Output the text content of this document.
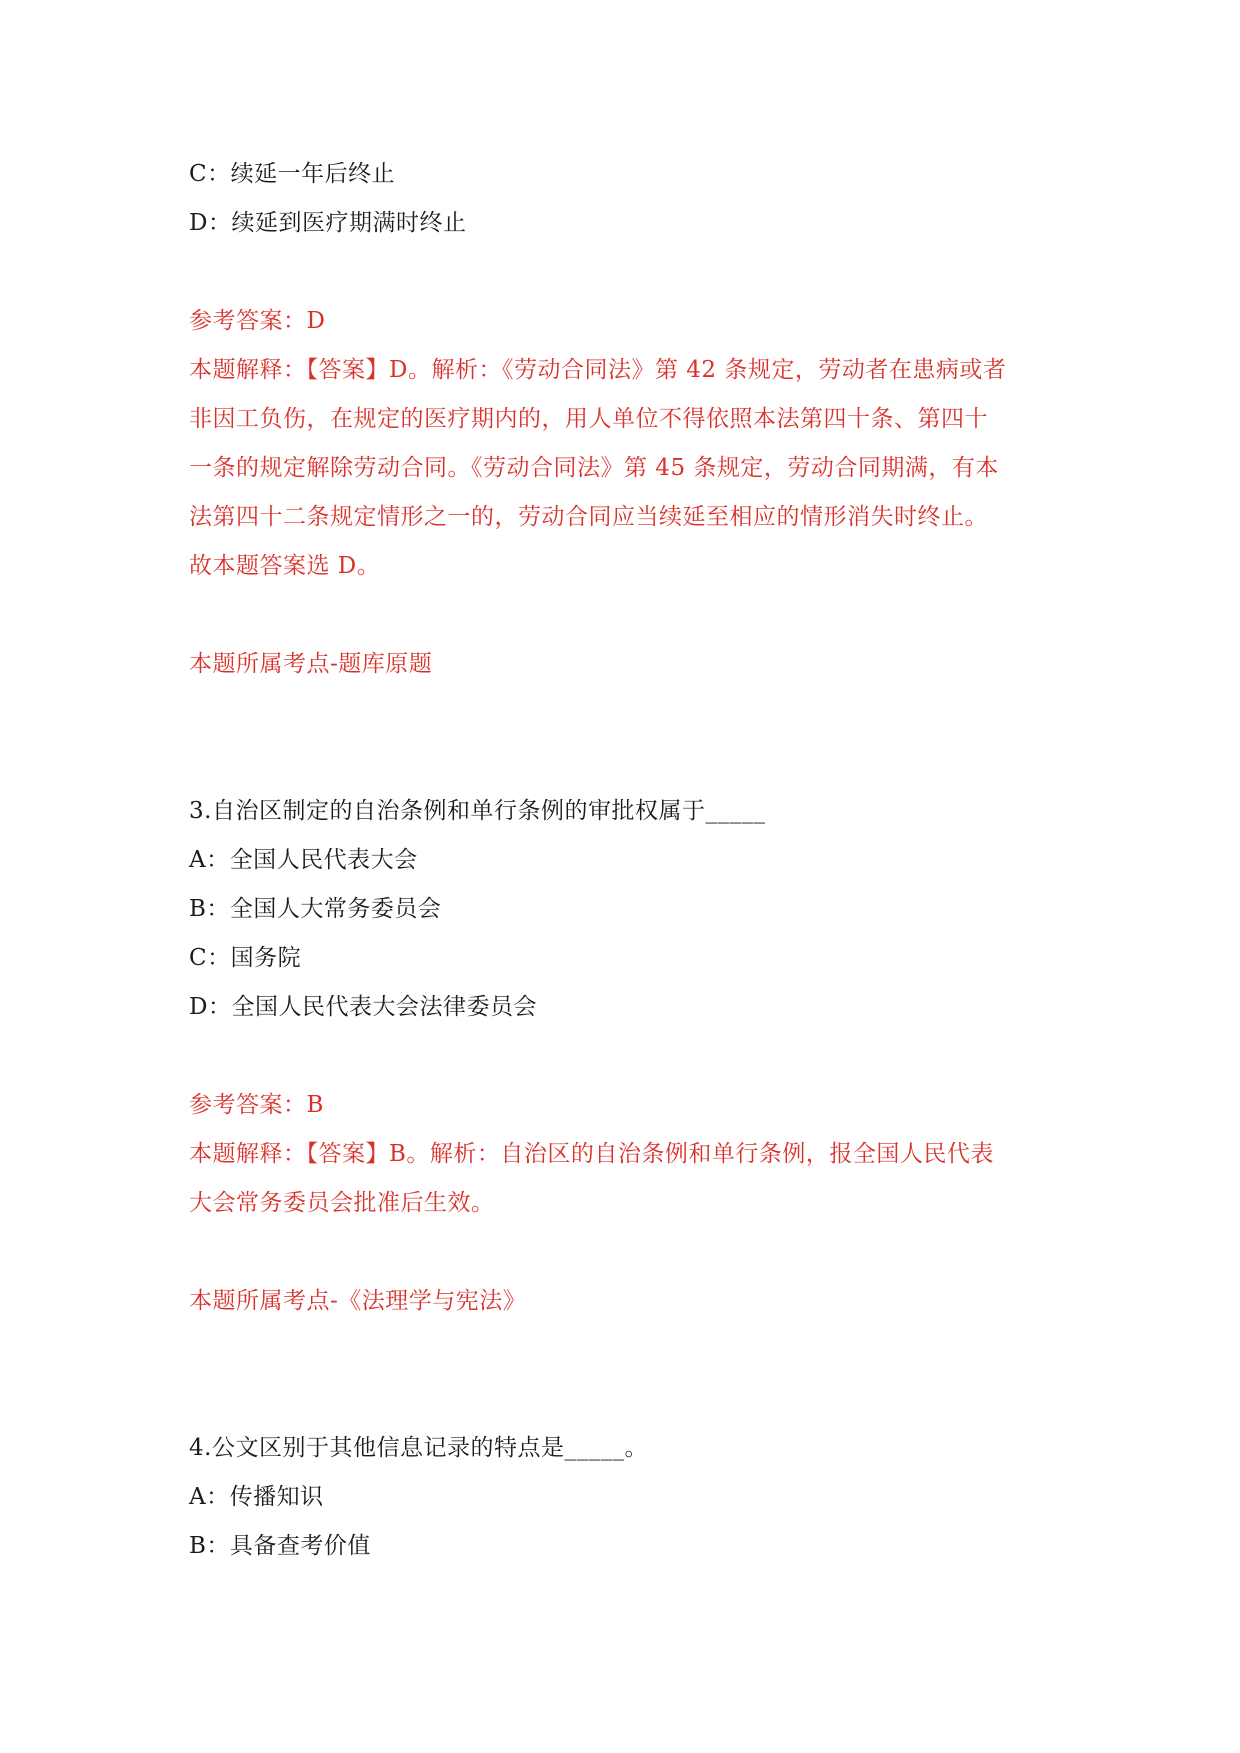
C：续延一年后终止
D：续延到医疗期满时终止
参考答案：D
本题解释：【答案】D。解析：《劳动合同法》第 42 条规定，劳动者在患病或者
非因工负伤，在规定的医疗期内的，用人单位不得依照本法第四十条、第四十
一条的规定解除劳动合同。《劳动合同法》第 45 条规定，劳动合同期满，有本
法第四十二条规定情形之一的，劳动合同应当续延至相应的情形消失时终止。
故本题答案选 D。
本题所属考点-题库原题
3.自治区制定的自治条例和单行条例的审批权属于_____
A：全国人民代表大会
B：全国人大常务委员会
C：国务院
D：全国人民代表大会法律委员会
参考答案：B
本题解释：【答案】B。解析：自治区的自治条例和单行条例，报全国人民代表
大会常务委员会批准后生效。
本题所属考点-《法理学与宪法》
4.公文区别于其他信息记录的特点是_____。
A：传播知识
B：具备查考价值
